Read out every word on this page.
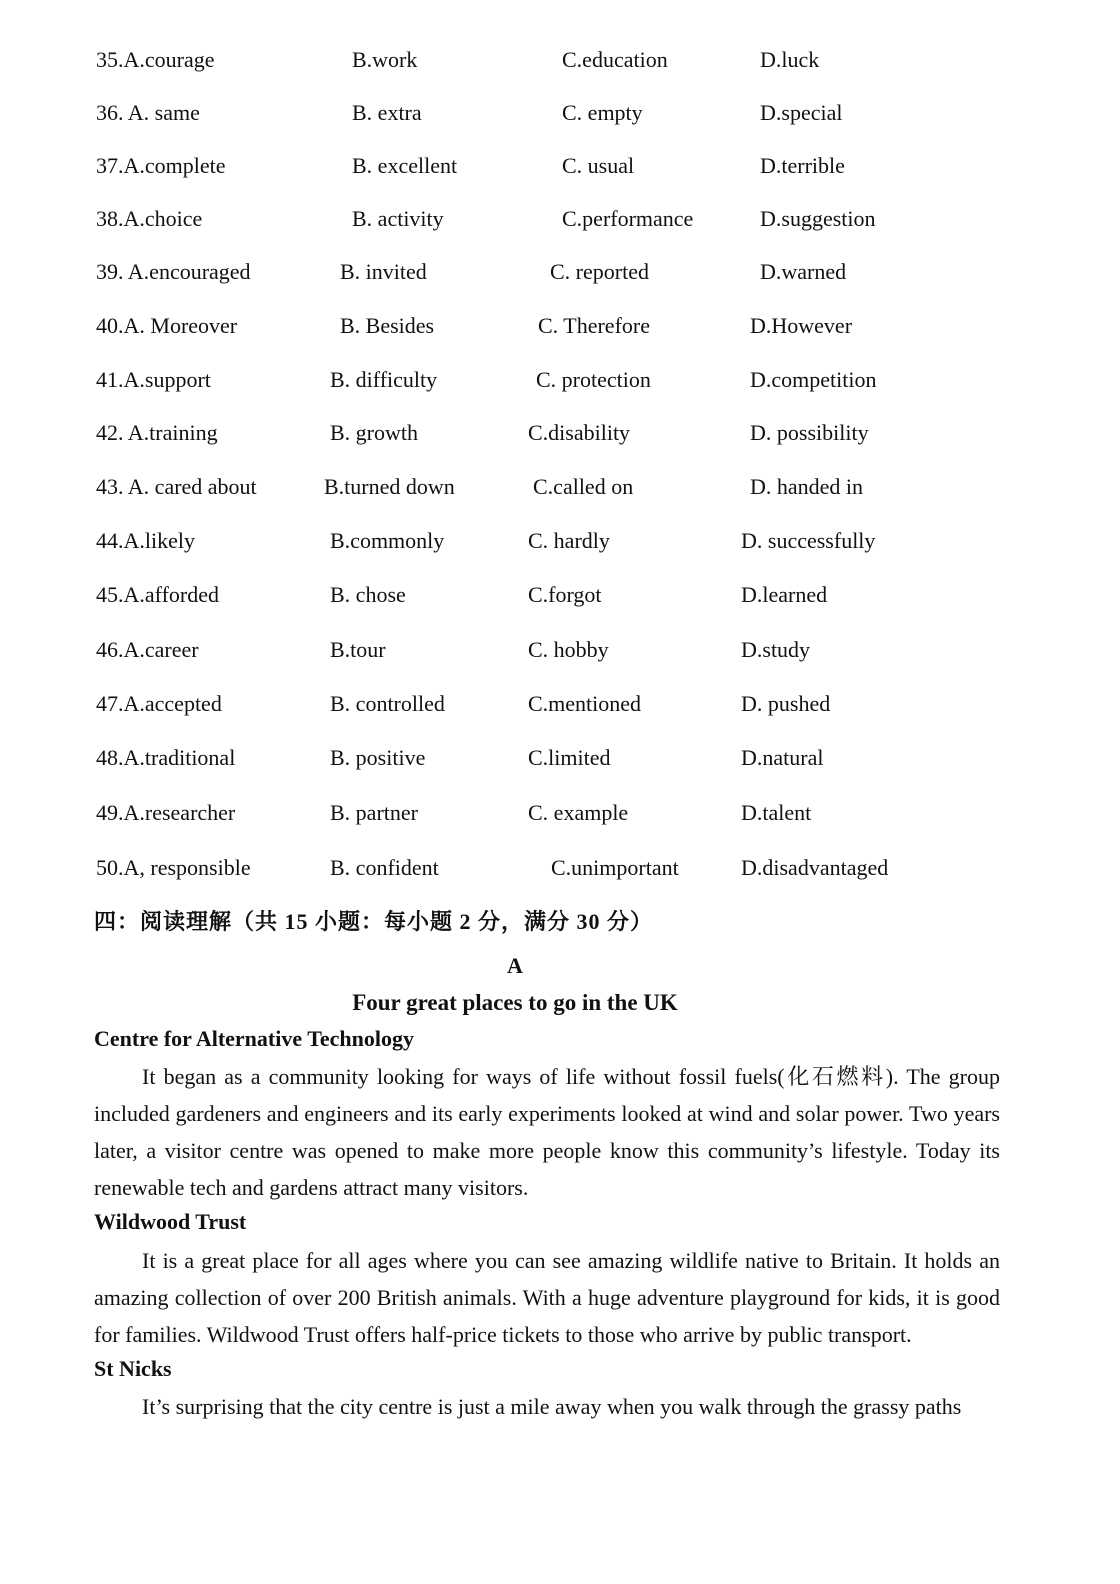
35.A.courage	B.work	C.education	D.luck
36. A. same	B. extra	C. empty	D.special
37.A.complete	B. excellent	C. usual	D.terrible
38.A.choice	B. activity	C.performance	D.suggestion
39. A.encouraged	B. invited	C. reported	D.warned
40.A. Moreover	B. Besides	C. Therefore	D.However
41.A.support	B. difficulty	C. protection	D.competition
42. A.training	B. growth	C.disability	D. possibility
43. A. cared about	B.turned down	C.called on	D. handed in
44.A.likely	B.commonly	C. hardly	D. successfully
45.A.afforded	B. chose	C.forgot	D.learned
46.A.career	B.tour	C. hobby	D.study
47.A.accepted	B. controlled	C.mentioned	D. pushed
48.A.traditional	B. positive	C.limited	D.natural
49.A.researcher	B. partner	C. example	D.talent
50.A, responsible	B. confident	C.unimportant	D.disadvantaged
四：阅读理解（共 15 小题：每小题 2 分，满分 30 分）
A
Four great places to go in the UK
Centre for Alternative Technology

It began as a community looking for ways of life without fossil fuels(化石燃料). The group included gardeners and engineers and its early experiments looked at wind and solar power. Two years later, a visitor centre was opened to make more people know this community’s lifestyle. Today its renewable tech and gardens attract many visitors.

Wildwood Trust

It is a great place for all ages where you can see amazing wildlife native to Britain. It holds an amazing collection of over 200 British animals. With a huge adventure playground for kids, it is good for families. Wildwood Trust offers half-price tickets to those who arrive by public transport.

St Nicks

It’s surprising that the city centre is just a mile away when you walk through the grassy paths
